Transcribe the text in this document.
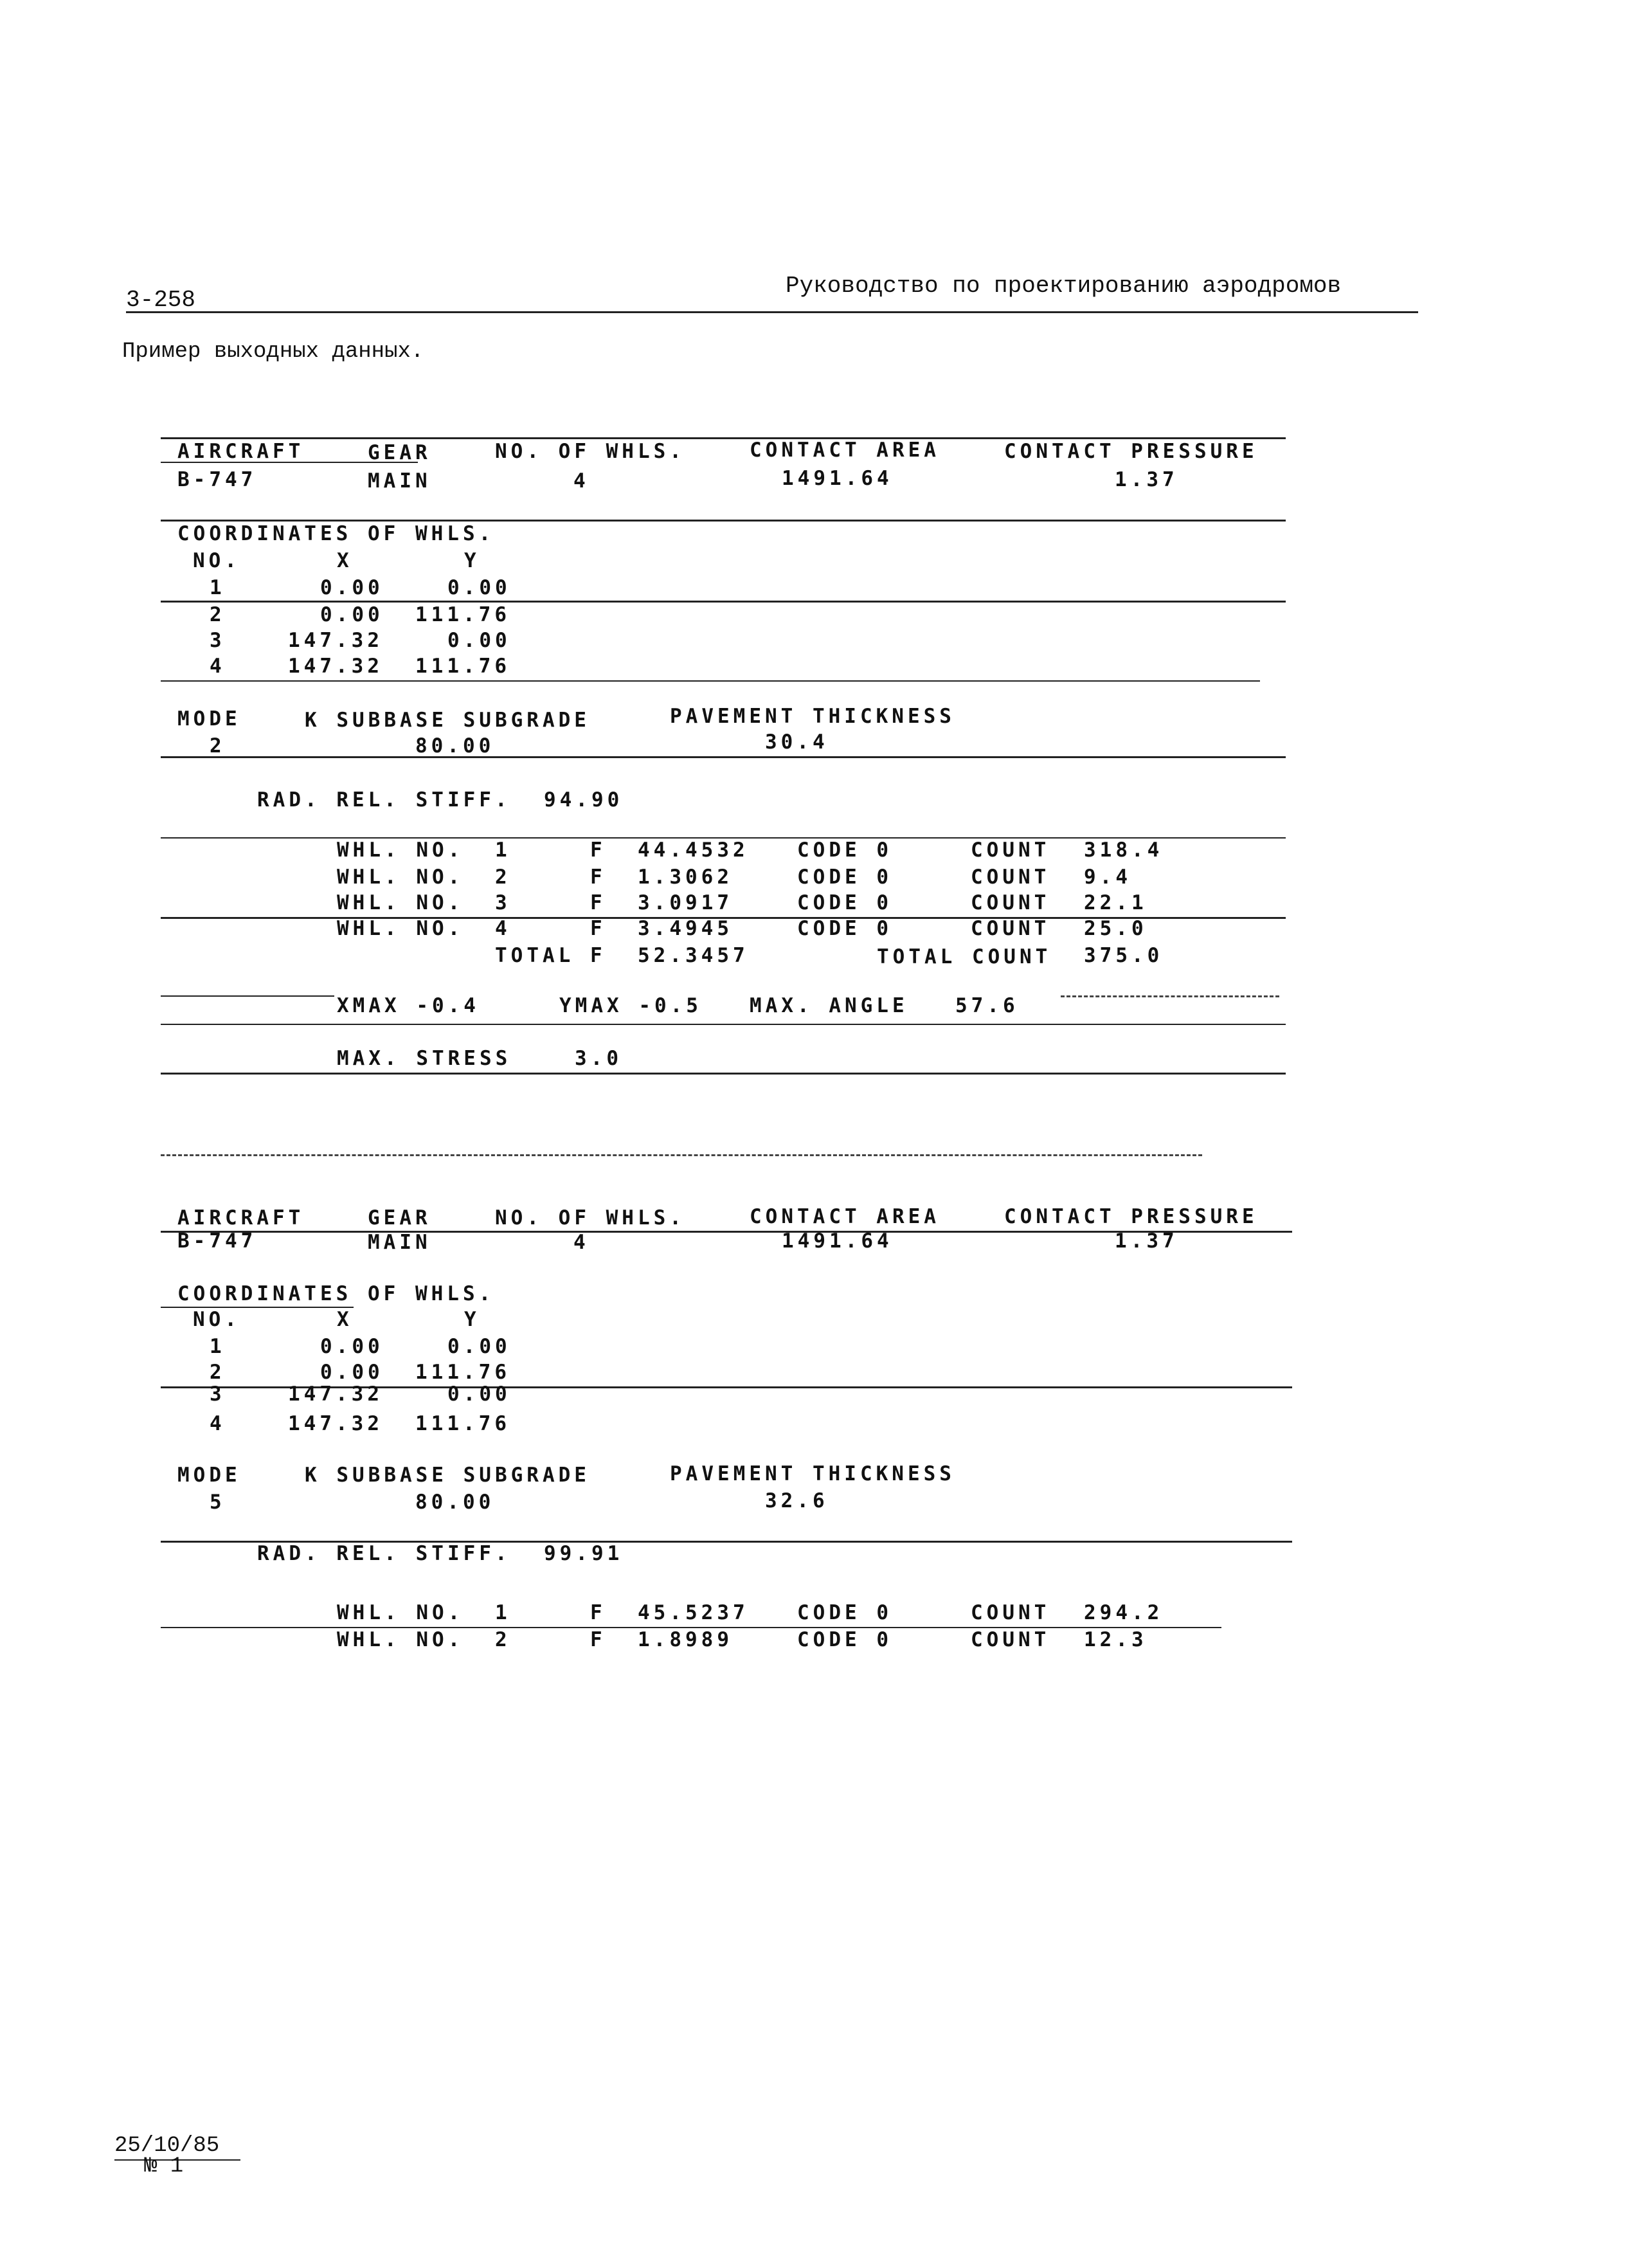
3-258
Руководство по проектированию аэродромов
Пример выходных данных.
AIRCRAFT	GEAR	NO. OF WHLS.	CONTACT AREA	CONTACT PRESSURE
B-747	MAIN	4	1491.64	1.37
COORDINATES OF WHLS.
NO.	X	Y
1	0.00	0.00
2	0.00 111.76
3	147.32	0.00
4	147.32 111.76
MODE	K SUBBASE SUBGRADE	PAVEMENT THICKNESS
2	80.00	30.4
RAD. REL. STIFF. 94.90
WHL. NO. 1	F 44.4532 CODE 0	COUNT 318.4
WHL. NO. 2	F 1.3062	CODE 0	COUNT 9.4
WHL. NO. 3	F 3.0917	CODE 0	COUNT 22.1
WHL. NO. 4	F 3.4945	CODE 0	COUNT 25.0
TOTAL F 52.3457	TOTAL COUNT 375.0
XMAX -0.4	YMAX -0.5 MAX. ANGLE 57.6
MAX. STRESS	3.0
AIRCRAFT	GEAR	NO. OF WHLS.	CONTACT AREA	CONTACT PRESSURE
B-747	MAIN	4	1491.64	1.37
COORDINATES OF WHLS.
NO.	X	Y
1	0.00	0.00
2	0.00 111.76
3	147.32	0.00
4	147.32 111.76
MODE	K SUBBASE SUBGRADE	PAVEMENT THICKNESS
5	80.00	32.6
RAD. REL. STIFF. 99.91
WHL. NO. 1	F 45.5237 CODE 0	COUNT 294.2
WHL. NO. 2	F 1.8989	CODE 0	COUNT 12.3
25/10/85
№ 1
